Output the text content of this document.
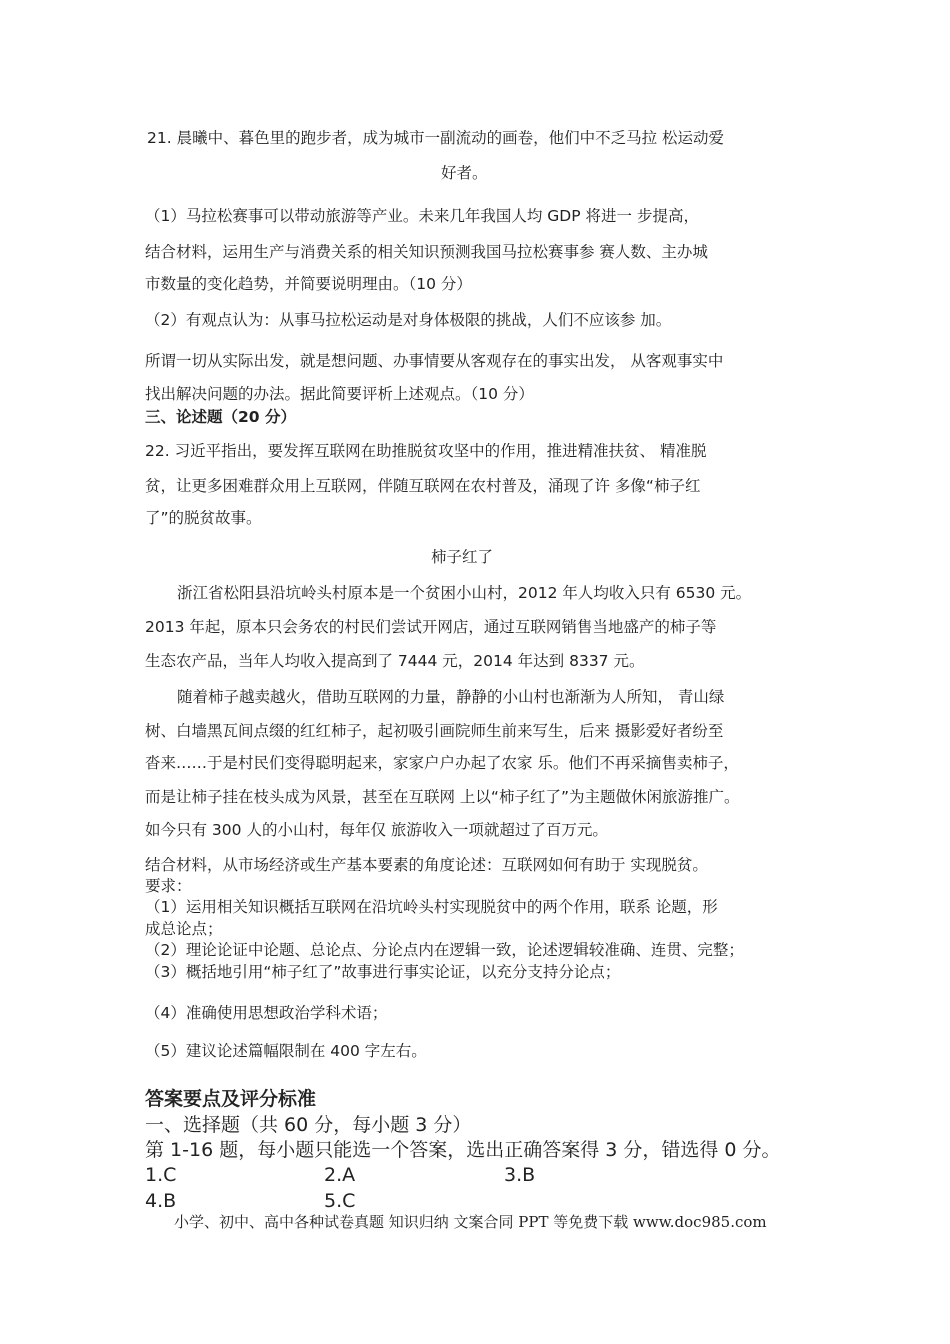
21. 晨曦中、暮色里的跑步者，成为城市一副流动的画卷，他们中不乏马拉 松运动爱
好者。
（1）马拉松赛事可以带动旅游等产业。未来几年我国人均 GDP 将进一 步提高，
结合材料，运用生产与消费关系的相关知识预测我国马拉松赛事参 赛人数、主办城
市数量的变化趋势，并简要说明理由。（10 分）
（2）有观点认为：从事马拉松运动是对身体极限的挑战，人们不应该参 加。
所谓一切从实际出发，就是想问题、办事情要从客观存在的事实出发， 从客观事实中
找出解决问题的办法。据此简要评析上述观点。（10 分）
三、论述题（20 分）
22. 习近平指出，要发挥互联网在助推脱贫攻坚中的作用，推进精准扶贫、 精准脱
贫，让更多困难群众用上互联网，伴随互联网在农村普及，涌现了许 多像“柿子红
了”的脱贫故事。
柿子红了
浙江省松阳县沿坑岭头村原本是一个贫困小山村，2012 年人均收入只有 6530 元。
2013 年起，原本只会务农的村民们尝试开网店，通过互联网销售当地盛产的柿子等
生态农产品，当年人均收入提高到了 7444 元，2014 年达到 8337 元。
随着柿子越卖越火，借助互联网的力量，静静的小山村也渐渐为人所知， 青山绿
树、白墙黑瓦间点缀的红红柿子，起初吸引画院师生前来写生，后来 摄影爱好者纷至
沓来……于是村民们变得聪明起来，家家户户办起了农家 乐。他们不再采摘售卖柿子，
而是让柿子挂在枝头成为风景，甚至在互联网 上以“柿子红了”为主题做休闲旅游推广。
如今只有 300 人的小山村，每年仅 旅游收入一项就超过了百万元。
结合材料，从市场经济或生产基本要素的角度论述：互联网如何有助于 实现脱贫。
要求：
（1）运用相关知识概括互联网在沿坑岭头村实现脱贫中的两个作用，联系 论题，形
成总论点；
（2）理论论证中论题、总论点、分论点内在逻辑一致，论述逻辑较准确、连贯、完整；
（3）概括地引用“柿子红了”故事进行事实论证，以充分支持分论点；
（4）准确使用思想政治学科术语；
（5）建议论述篇幅限制在 400 字左右。
答案要点及评分标准
一、选择题（共 60 分，每小题 3 分）
第 1-16 题，每小题只能选一个答案，选出正确答案得 3 分，错选得 0 分。
1.C	2.A	3.B
4.B	5.C
小学、初中、高中各种试卷真题 知识归纳 文案合同 PPT 等免费下载 www.doc985.com
